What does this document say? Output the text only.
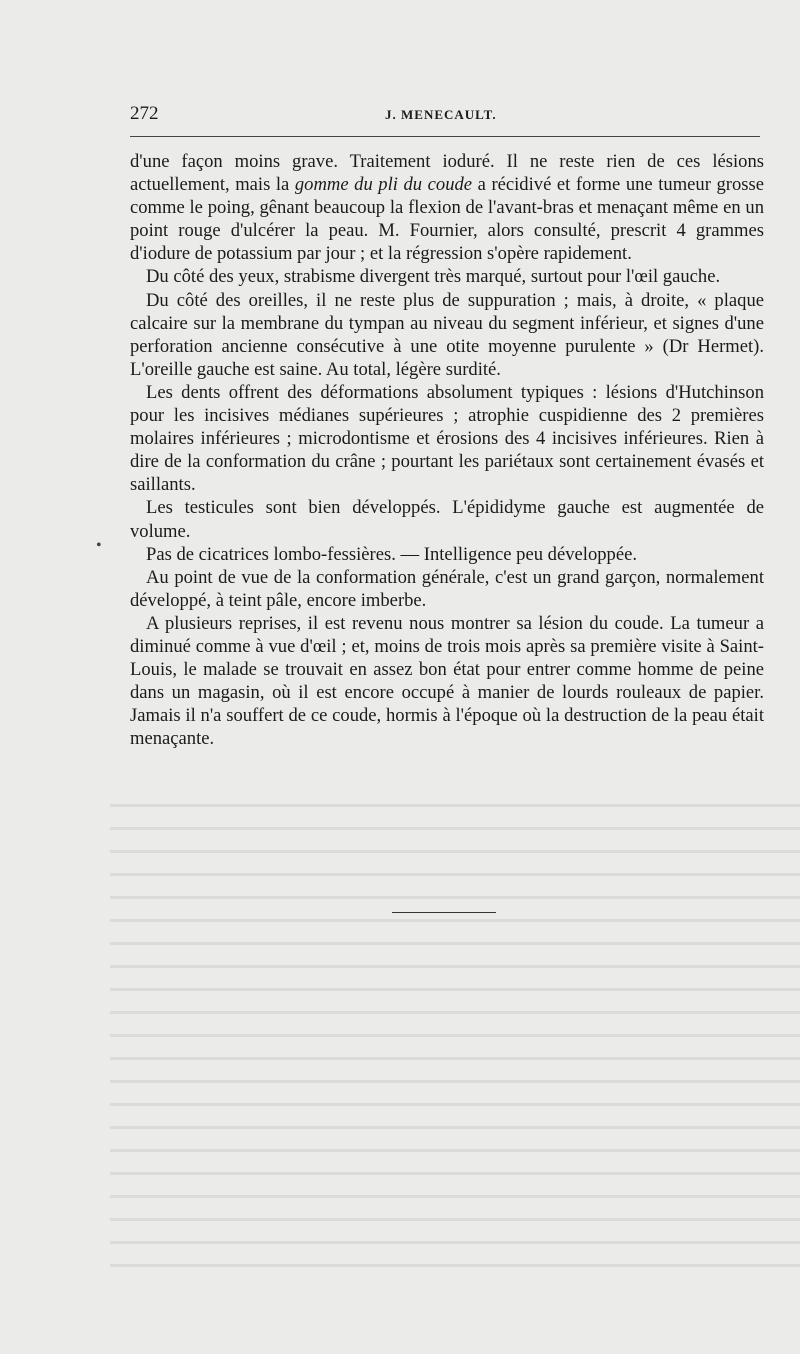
272	J. MENECAULT.
•

d'une façon moins grave. Traitement ioduré. Il ne reste rien de ces lésions actuellement, mais la gomme du pli du coude a récidivé et forme une tumeur grosse comme le poing, gênant beaucoup la flexion de l'avant-bras et menaçant même en un point rouge d'ulcérer la peau. M. Fournier, alors consulté, prescrit 4 grammes d'iodure de potassium par jour ; et la régression s'opère rapidement.

Du côté des yeux, strabisme divergent très marqué, surtout pour l'œil gauche.

Du côté des oreilles, il ne reste plus de suppuration ; mais, à droite, « plaque calcaire sur la membrane du tympan au niveau du segment inférieur, et signes d'une perforation ancienne consécutive à une otite moyenne purulente » (Dr Hermet). L'oreille gauche est saine. Au total, légère surdité.

Les dents offrent des déformations absolument typiques : lésions d'Hutchinson pour les incisives médianes supérieures ; atrophie cuspidienne des 2 premières molaires inférieures ; microdontisme et érosions des 4 incisives inférieures. Rien à dire de la conformation du crâne ; pourtant les pariétaux sont certainement évasés et saillants.

Les testicules sont bien développés. L'épididyme gauche est augmentée de volume.

Pas de cicatrices lombo-fessières. — Intelligence peu développée.

Au point de vue de la conformation générale, c'est un grand garçon, normalement développé, à teint pâle, encore imberbe.

A plusieurs reprises, il est revenu nous montrer sa lésion du coude. La tumeur a diminué comme à vue d'œil ; et, moins de trois mois après sa première visite à Saint-Louis, le malade se trouvait en assez bon état pour entrer comme homme de peine dans un magasin, où il est encore occupé à manier de lourds rouleaux de papier. Jamais il n'a souffert de ce coude, hormis à l'époque où la destruction de la peau était menaçante.
